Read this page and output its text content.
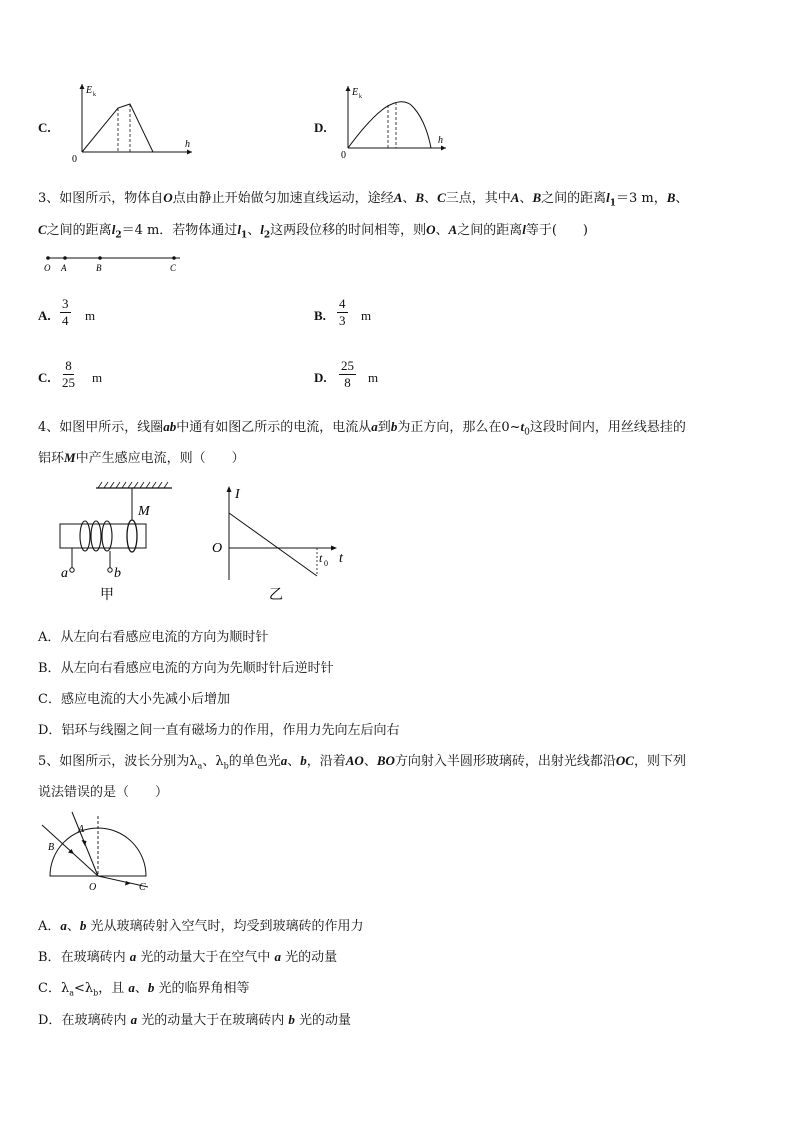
C.
E k
h
0
D.
E k
h
0
3、如图所示，物体自O点由静止开始做匀加速直线运动，途经A、B、C三点，其中A、B之间的距离$l_1=3$ m，B、
C之间的距离$l_2=4$ m．若物体通过$l_1$、$l_2$这两段位移的时间相等，则O、A之间的距离l等于(　　)
O A	B	C
A. $\frac{3}{4}$ m	B. $\frac{4}{3}$ m
C. $\frac{8}{25}$ m	D. $\frac{25}{8}$ m
4、如图甲所示，线圈ab中通有如图乙所示的电流，电流从a到b为正方向，那么在$0\sim t_0$这段时间内，用丝线悬挂的
铝环M中产生感应电流，则（　　）
M
a	b
甲
I
O
t 0 t
乙
A．从左向右看感应电流的方向为顺时针
B．从左向右看感应电流的方向为先顺时针后逆时针
C．感应电流的大小先减小后增加
D．铝环与线圈之间一直有磁场力的作用，作用力先向左后向右
5、如图所示，波长分别为$\lambda_a$、$\lambda_b$的单色光a、b，沿着AO、BO方向射入半圆形玻璃砖，出射光线都沿OC，则下列
说法错误的是（　　）
A
B
O	C
A．a、b 光从玻璃砖射入空气时，均受到玻璃砖的作用力
B．在玻璃砖内 a 光的动量大于在空气中 a 光的动量
C．$\lambda_a<\lambda_b$，且 a、b 光的临界角相等
D．在玻璃砖内 a 光的动量大于在玻璃砖内 b 光的动量
